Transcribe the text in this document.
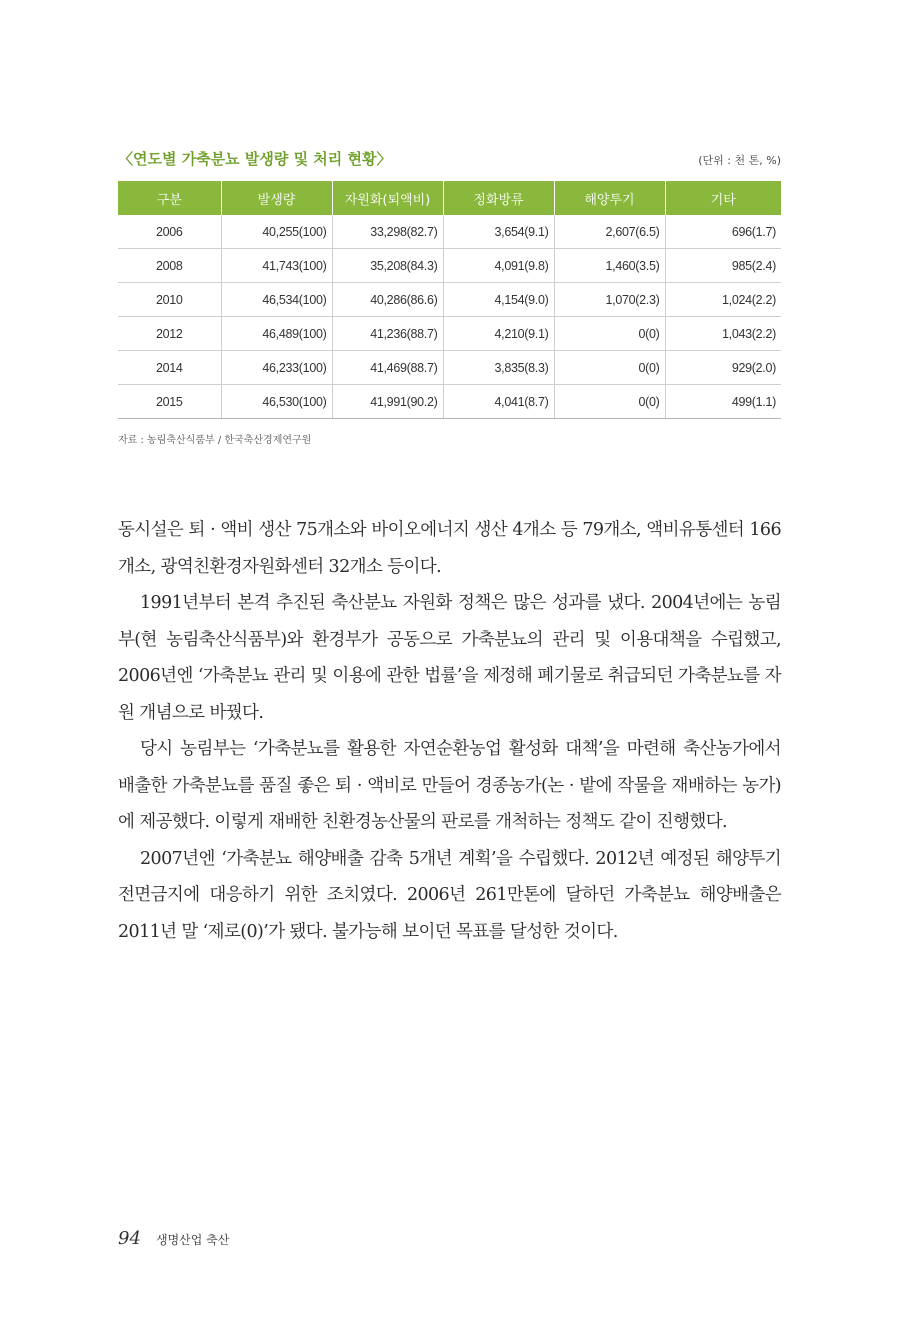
〈연도별 가축분뇨 발생량 및 처리 현황〉	(단위 : 천 톤, %)
구분	발생량	자원화(퇴액비)	정화방류	해양투기	기타
2006	40,255(100)	33,298(82.7)	3,654(9.1)	2,607(6.5)	696(1.7)
2008	41,743(100)	35,208(84.3)	4,091(9.8)	1,460(3.5)	985(2.4)
2010	46,534(100)	40,286(86.6)	4,154(9.0)	1,070(2.3)	1,024(2.2)
2012	46,489(100)	41,236(88.7)	4,210(9.1)	0(0)	1,043(2.2)
2014	46,233(100)	41,469(88.7)	3,835(8.3)	0(0)	929(2.0)
2015	46,530(100)	41,991(90.2)	4,041(8.7)	0(0)	499(1.1)
자료 : 농림축산식품부 / 한국축산경제연구원

동시설은 퇴 · 액비 생산 75개소와 바이오에너지 생산 4개소 등 79개소, 액비유통센터 166개소, 광역친환경자원화센터 32개소 등이다.

1991년부터 본격 추진된 축산분뇨 자원화 정책은 많은 성과를 냈다. 2004년에는 농림부(현 농림축산식품부)와 환경부가 공동으로 가축분뇨의 관리 및 이용대책을 수립했고, 2006년엔 ‘가축분뇨 관리 및 이용에 관한 법률’을 제정해 폐기물로 취급되던 가축분뇨를 자원 개념으로 바꿨다.

당시 농림부는 ‘가축분뇨를 활용한 자연순환농업 활성화 대책’을 마련해 축산농가에서 배출한 가축분뇨를 품질 좋은 퇴 · 액비로 만들어 경종농가(논 · 밭에 작물을 재배하는 농가)에 제공했다. 이렇게 재배한 친환경농산물의 판로를 개척하는 정책도 같이 진행했다.

2007년엔 ‘가축분뇨 해양배출 감축 5개년 계획’을 수립했다. 2012년 예정된 해양투기 전면금지에 대응하기 위한 조치였다. 2006년 261만톤에 달하던 가축분뇨 해양배출은 2011년 말 ‘제로(0)’가 됐다. 불가능해 보이던 목표를 달성한 것이다.

94 생명산업 축산
